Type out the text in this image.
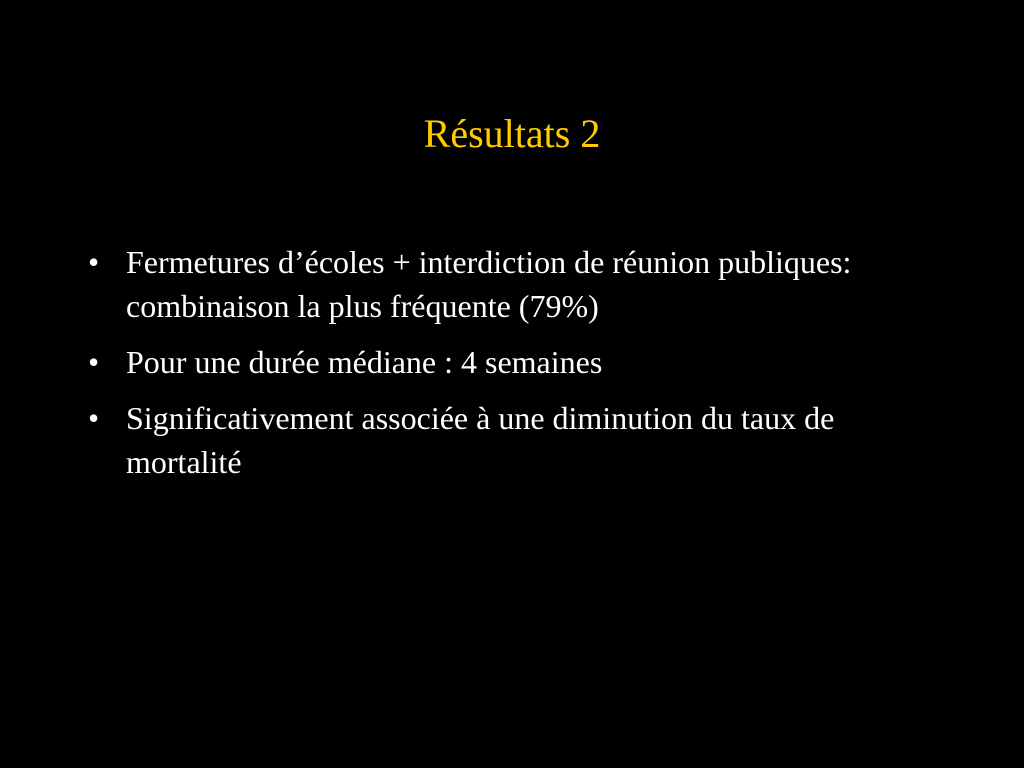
Résultats 2
• Fermetures d’écoles + interdiction de réunion publiques: combinaison la plus fréquente (79%)
• Pour une durée médiane : 4 semaines
• Significativement associée à une diminution du taux de mortalité
